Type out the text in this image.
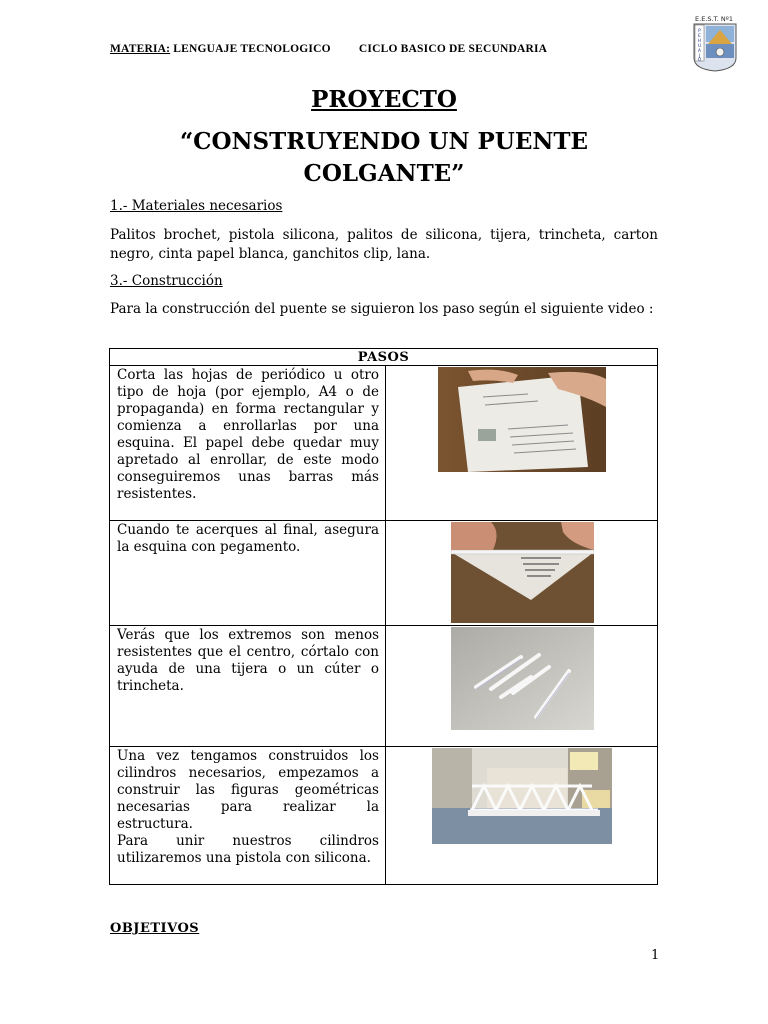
MATERIA: LENGUAJE TECNOLOGICO CICLO BASICO DE SECUNDARIA
E.E.S.T. Nº1
P
E
H
U
A
J
Ó
PROYECTO
“CONSTRUYENDO UN PUENTE COLGANTE”
1.- Materiales necesarios
Palitos brochet, pistola silicona, palitos de silicona, tijera, trincheta, carton negro, cinta papel blanca, ganchitos clip, lana.
3.- Construcción
Para la construcción del puente se siguieron los paso según el siguiente video :
PASOS	
Corta las hojas de periódico u otro tipo de hoja (por ejemplo, A4 o de propaganda) en forma rectangular y comienza a enrollarlas por una esquina. El papel debe quedar muy apretado al enrollar, de este modo conseguiremos unas barras más resistentes.	

Cuando te acerques al final, asegura la esquina con pegamento.	

Verás que los extremos son menos resistentes que el centro, córtalo con ayuda de una tijera o un cúter o trincheta.	

Una vez tengamos construidos los cilindros necesarios, empezamos a construir las figuras geométricas necesarias para realizar la estructura.
Para unir nuestros cilindros utilizaremos una pistola con silicona.	
OBJETIVOS
1
